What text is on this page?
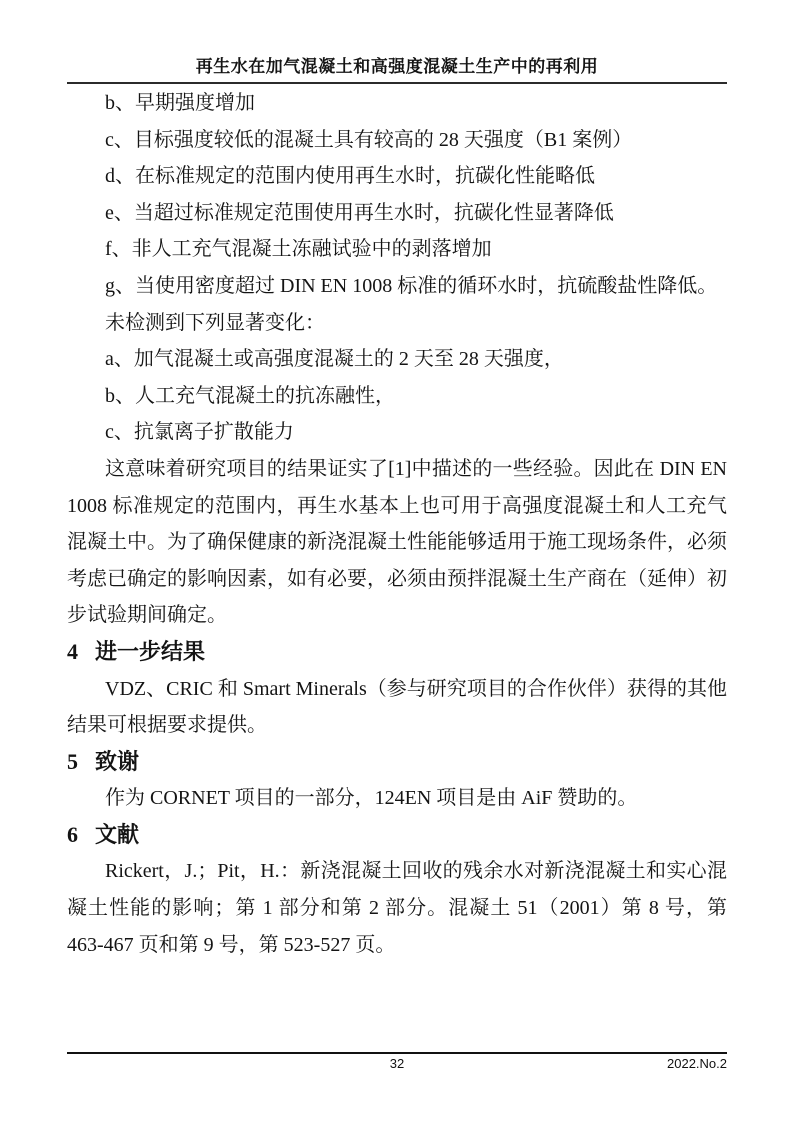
再生水在加气混凝土和高强度混凝土生产中的再利用

b、早期强度增加

c、目标强度较低的混凝土具有较高的 28 天强度（B1 案例）

d、在标准规定的范围内使用再生水时，抗碳化性能略低

e、当超过标准规定范围使用再生水时，抗碳化性显著降低

f、非人工充气混凝土冻融试验中的剥落增加

g、当使用密度超过 DIN EN 1008 标准的循环水时，抗硫酸盐性降低。

未检测到下列显著变化：

a、加气混凝土或高强度混凝土的 2 天至 28 天强度，

b、人工充气混凝土的抗冻融性，

c、抗氯离子扩散能力

这意味着研究项目的结果证实了[1]中描述的一些经验。因此在 DIN EN 1008 标准规定的范围内，再生水基本上也可用于高强度混凝土和人工充气混凝土中。为了确保健康的新浇混凝土性能能够适用于施工现场条件，必须考虑已确定的影响因素，如有必要，必须由预拌混凝土生产商在（延伸）初步试验期间确定。

4 进一步结果

VDZ、CRIC 和 Smart Minerals（参与研究项目的合作伙伴）获得的其他结果可根据要求提供。

5 致谢

作为 CORNET 项目的一部分，124EN 项目是由 AiF 赞助的。

6 文献

Rickert，J.；Pit，H.：新浇混凝土回收的残余水对新浇混凝土和实心混凝土性能的影响；第 1 部分和第 2 部分。混凝土 51（2001）第 8 号，第 463-467 页和第 9 号，第 523-527 页。

32	2022.No.2
